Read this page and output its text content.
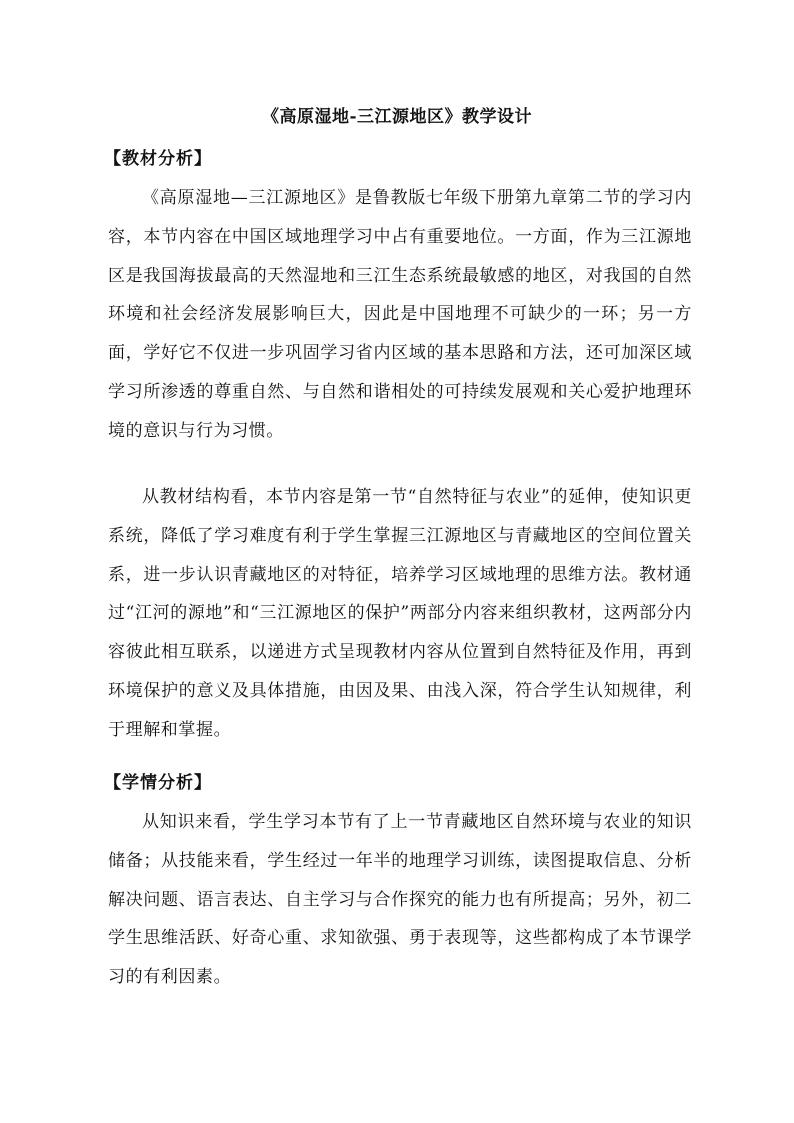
《高原湿地-三江源地区》教学设计
【教材分析】

《高原湿地—三江源地区》是鲁教版七年级下册第九章第二节的学习内容，本节内容在中国区域地理学习中占有重要地位。一方面，作为三江源地区是我国海拔最高的天然湿地和三江生态系统最敏感的地区，对我国的自然环境和社会经济发展影响巨大，因此是中国地理不可缺少的一环；另一方面，学好它不仅进一步巩固学习省内区域的基本思路和方法，还可加深区域学习所渗透的尊重自然、与自然和谐相处的可持续发展观和关心爱护地理环境的意识与行为习惯。

从教材结构看，本节内容是第一节“自然特征与农业”的延伸，使知识更系统，降低了学习难度有利于学生掌握三江源地区与青藏地区的空间位置关系，进一步认识青藏地区的对特征，培养学习区域地理的思维方法。教材通过“江河的源地”和“三江源地区的保护”两部分内容来组织教材，这两部分内容彼此相互联系，以递进方式呈现教材内容从位置到自然特征及作用，再到环境保护的意义及具体措施，由因及果、由浅入深，符合学生认知规律，利于理解和掌握。

【学情分析】

从知识来看，学生学习本节有了上一节青藏地区自然环境与农业的知识储备；从技能来看，学生经过一年半的地理学习训练，读图提取信息、分析解决问题、语言表达、自主学习与合作探究的能力也有所提高；另外，初二学生思维活跃、好奇心重、求知欲强、勇于表现等，这些都构成了本节课学习的有利因素。
